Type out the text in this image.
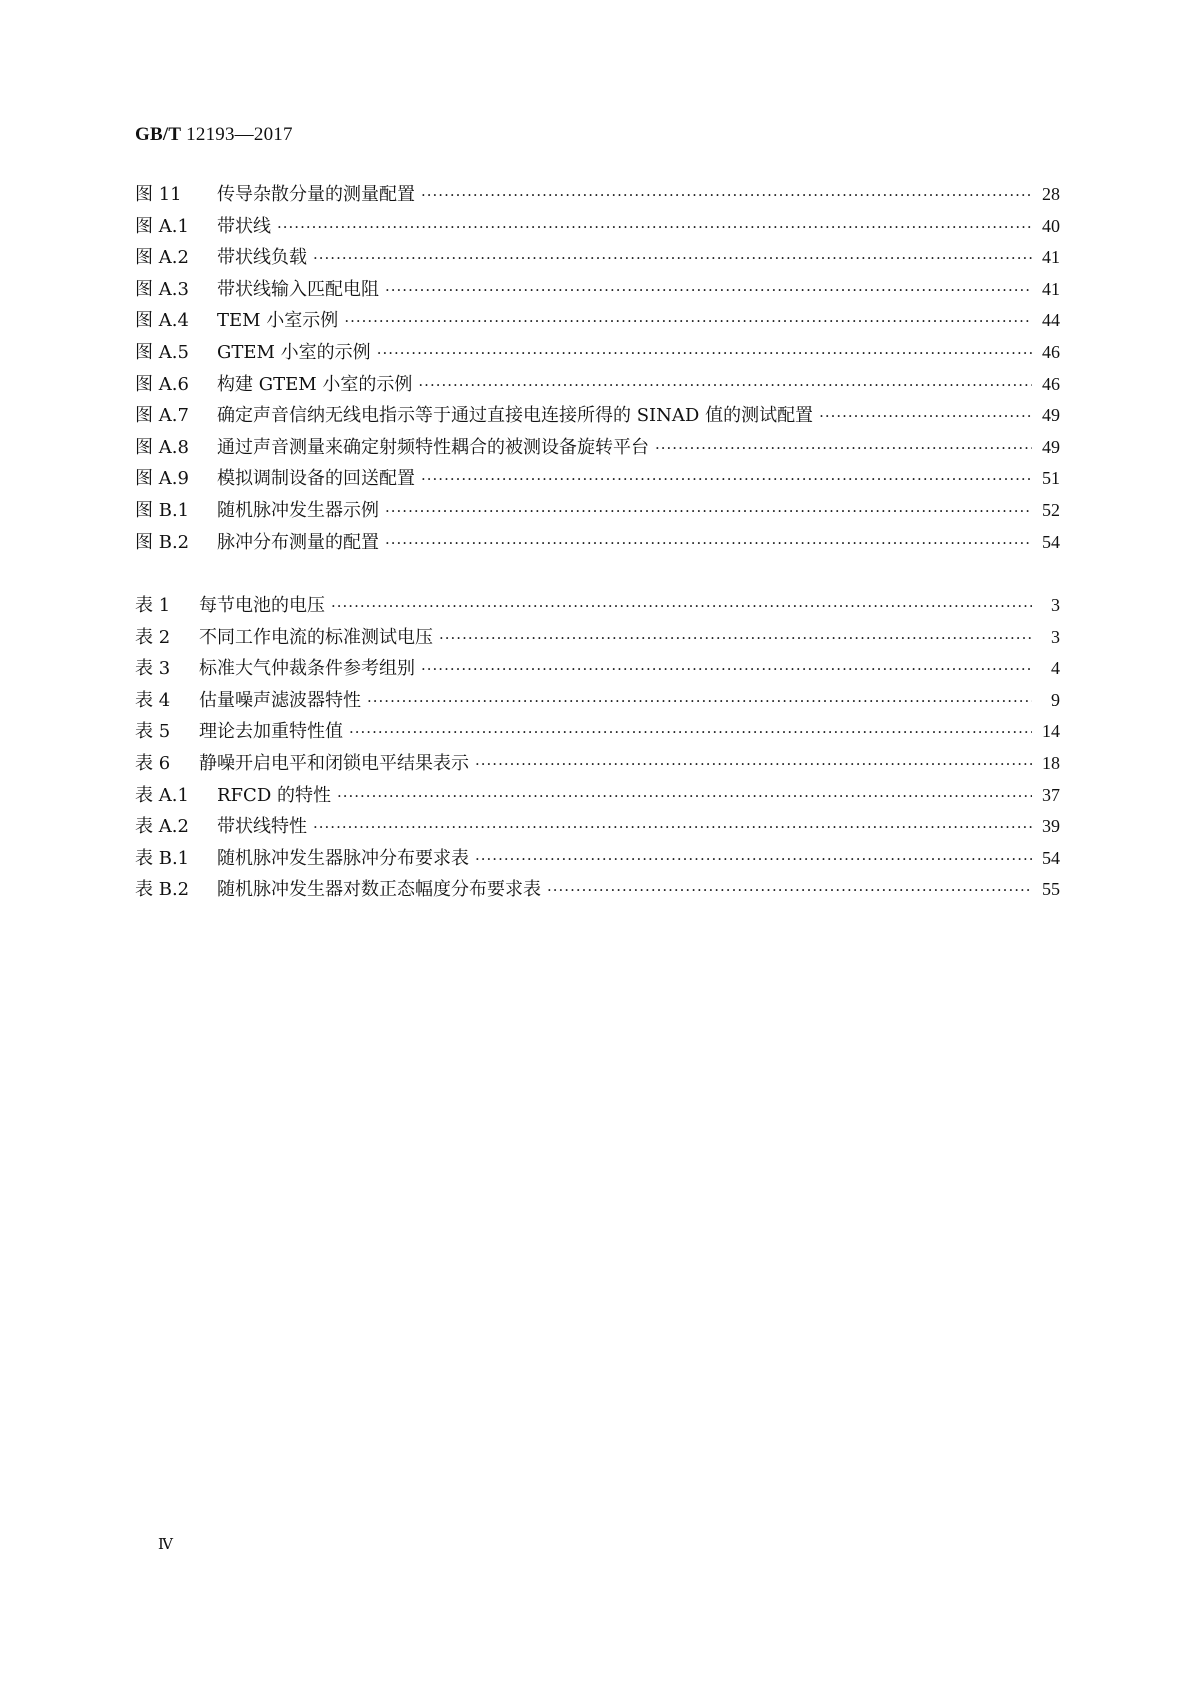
GB/T 12193—2017
图 11	传导杂散分量的测量配置 ·····	28
图 A.1	带状线 ·····	40
图 A.2	带状线负载 ·····	41
图 A.3	带状线输入匹配电阻 ·····	41
图 A.4	TEM 小室示例 ·····	44
图 A.5	GTEM 小室的示例 ·····	46
图 A.6	构建 GTEM 小室的示例 ·····	46
图 A.7	确定声音信纳无线电指示等于通过直接电连接所得的 SINAD 值的测试配置 ·····	49
图 A.8	通过声音测量来确定射频特性耦合的被测设备旋转平台 ·····	49
图 A.9	模拟调制设备的回送配置 ·····	51
图 B.1	随机脉冲发生器示例 ·····	52
图 B.2	脉冲分布测量的配置 ·····	54
表 1	每节电池的电压 ·····	3
表 2	不同工作电流的标准测试电压 ·····	3
表 3	标准大气仲裁条件参考组别 ·····	4
表 4	估量噪声滤波器特性 ·····	9
表 5	理论去加重特性值 ·····	14
表 6	静噪开启电平和闭锁电平结果表示 ·····	18
表 A.1	RFCD 的特性 ·····	37
表 A.2	带状线特性 ·····	39
表 B.1	随机脉冲发生器脉冲分布要求表 ·····	54
表 B.2	随机脉冲发生器对数正态幅度分布要求表 ·····	55
Ⅳ
